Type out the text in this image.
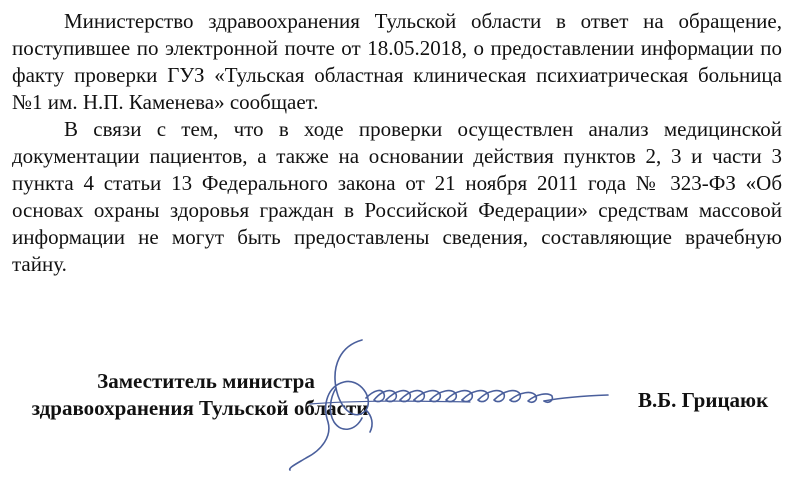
Министерство здравоохранения Тульской области в ответ на обращение, поступившее по электронной почте от 18.05.2018, о предоставлении информации по факту проверки ГУЗ «Тульская областная клиническая психиатрическая больница №1 им. Н.П. Каменева» сообщает.

В связи с тем, что в ходе проверки осуществлен анализ медицинской документации пациентов, а также на основании действия пунктов 2, 3 и части 3 пункта 4 статьи 13 Федерального закона от 21 ноября 2011 года № 323-ФЗ «Об основах охраны здоровья граждан в Российской Федерации» средствам массовой информации не могут быть предоставлены сведения, составляющие врачебную тайну.

Заместитель министра
здравоохранения Тульской области	В.Б. Грицаюк
